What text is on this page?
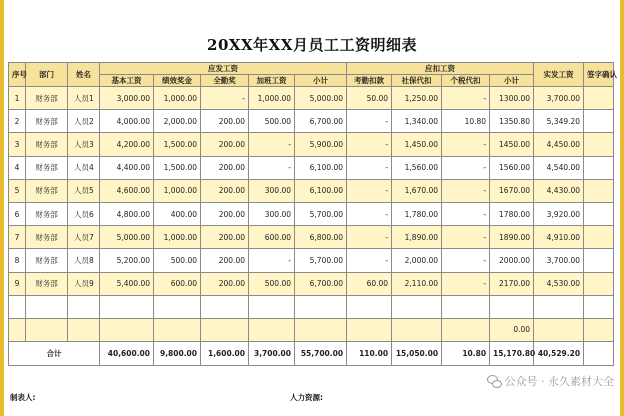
20XX年XX月员工工资明细表
序号	部门	姓名	应发工资					应扣工资				实发工资	签字确认
			基本工资	绩效奖金	全勤奖	加班工资	小计	考勤扣款	社保代扣	个税代扣	小计		
1	财务部	人员1	3,000.00	1,000.00	-	1,000.00	5,000.00	50.00	1,250.00	-	1300.00	3,700.00	
2	财务部	人员2	4,000.00	2,000.00	200.00	500.00	6,700.00	-	1,340.00	10.80	1350.80	5,349.20	
3	财务部	人员3	4,200.00	1,500.00	200.00	-	5,900.00	-	1,450.00	-	1450.00	4,450.00	
4	财务部	人员4	4,400.00	1,500.00	200.00	-	6,100.00	-	1,560.00	-	1560.00	4,540.00	
5	财务部	人员5	4,600.00	1,000.00	200.00	300.00	6,100.00	-	1,670.00	-	1670.00	4,430.00	
6	财务部	人员6	4,800.00	400.00	200.00	300.00	5,700.00	-	1,780.00	-	1780.00	3,920.00	
7	财务部	人员7	5,000.00	1,000.00	200.00	600.00	6,800.00	-	1,890.00	-	1890.00	4,910.00	
8	财务部	人员8	5,200.00	500.00	200.00	-	5,700.00	-	2,000.00	-	2000.00	3,700.00	
9	财务部	人员9	5,400.00	600.00	200.00	500.00	6,700.00	60.00	2,110.00	-	2170.00	4,530.00	

											0.00		
合计			40,600.00	9,800.00	1,600.00	3,700.00	55,700.00	110.00	15,050.00	10.80	15,170.80	40,529.20	
制表人:	人力资源:
公众号 · 永久素材大全
